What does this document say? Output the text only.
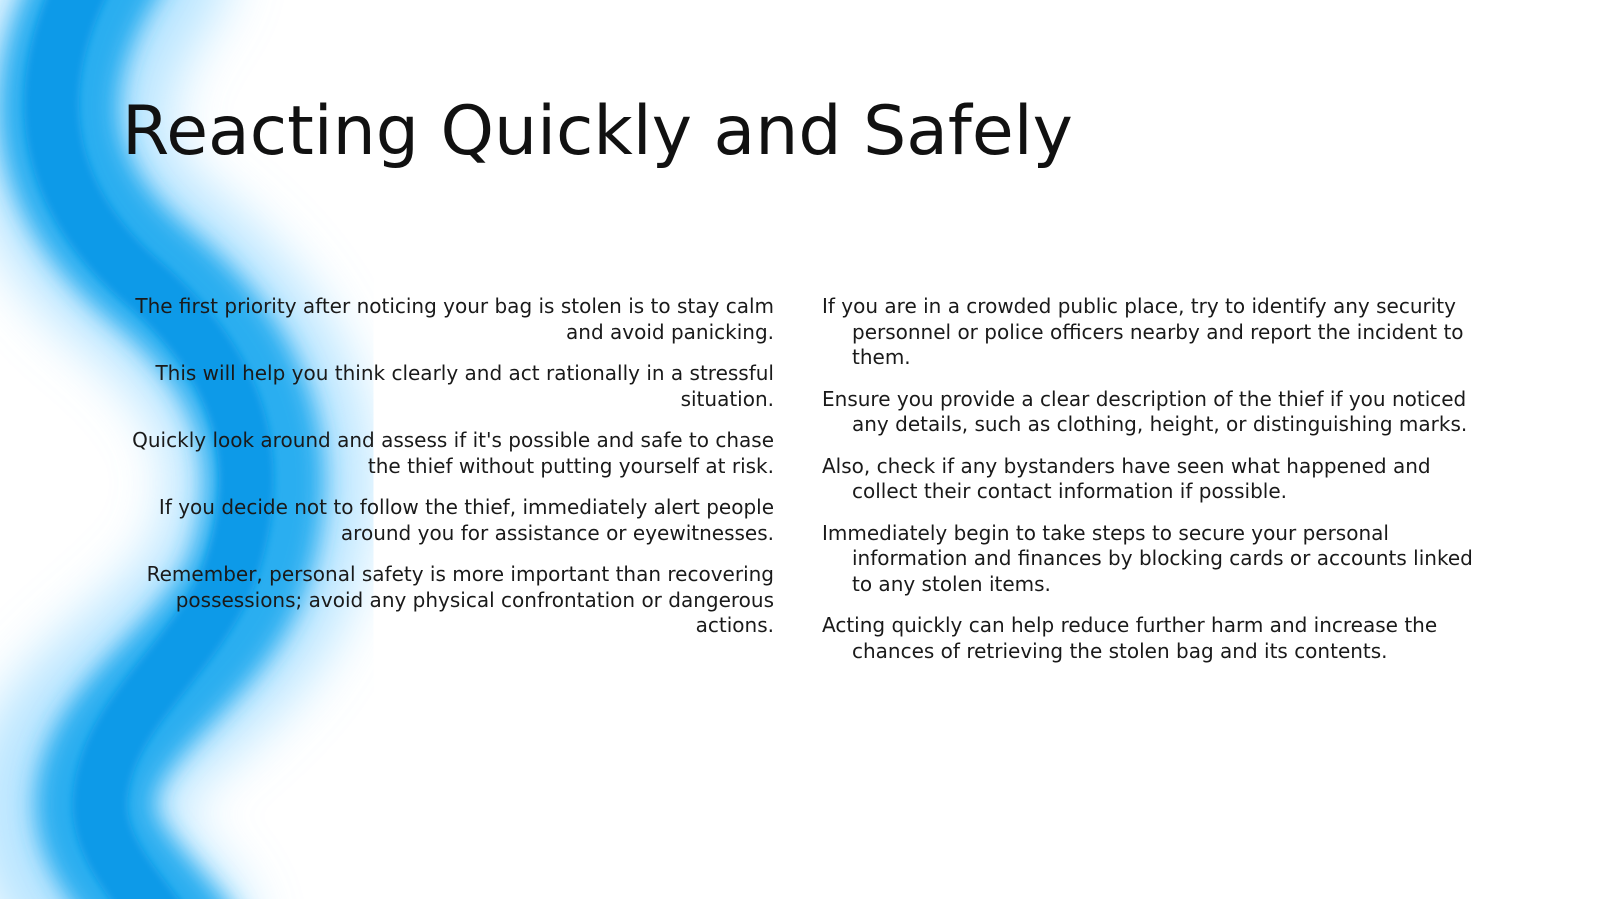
Reacting Quickly and Safely

The first priority after noticing your bag is stolen is to stay calm and avoid panicking.

This will help you think clearly and act rationally in a stressful situation.

Quickly look around and assess if it's possible and safe to chase the thief without putting yourself at risk.

If you decide not to follow the thief, immediately alert people around you for assistance or eyewitnesses.

Remember, personal safety is more important than recovering possessions; avoid any physical confrontation or dangerous actions.

If you are in a crowded public place, try to identify any security personnel or police officers nearby and report the incident to them.

Ensure you provide a clear description of the thief if you noticed any details, such as clothing, height, or distinguishing marks.

Also, check if any bystanders have seen what happened and collect their contact information if possible.

Immediately begin to take steps to secure your personal information and finances by blocking cards or accounts linked to any stolen items.

Acting quickly can help reduce further harm and increase the chances of retrieving the stolen bag and its contents.
